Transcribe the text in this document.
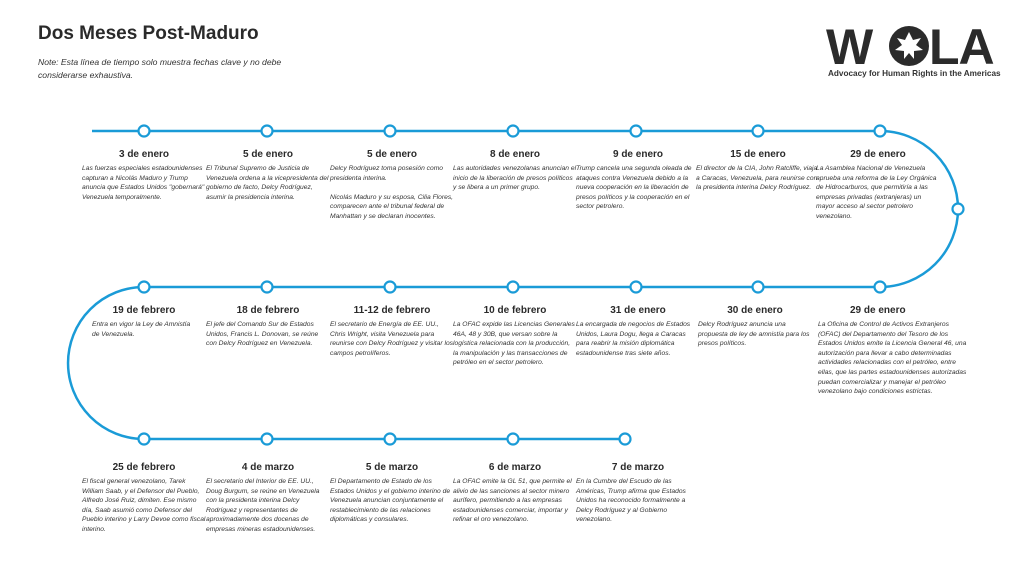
Dos Meses Post-Maduro
Note: Esta línea de tiempo solo muestra fechas clave y no debe considerarse exhaustiva.	W LA
Advocacy for Human Rights in the Americas
3 de enero
Las fuerzas especiales estadounidenses capturan a Nicolás Maduro y Trump anuncia que Estados Unidos "gobernará" Venezuela temporalmente.
5 de enero
El Tribunal Supremo de Justicia de Venezuela ordena a la vicepresidenta del gobierno de facto, Delcy Rodríguez, asumir la presidencia interina.
5 de enero
Delcy Rodríguez toma posesión como presidenta interina.

Nicolás Maduro y su esposa, Cilia Flores, comparecen ante el tribunal federal de Manhattan y se declaran inocentes.
8 de enero
Las autoridades venezolanas anuncian el inicio de la liberación de presos políticos y se libera a un primer grupo.
9 de enero
Trump cancela una segunda oleada de ataques contra Venezuela debido a la nueva cooperación en la liberación de presos políticos y la cooperación en el sector petrolero.
15 de enero
El director de la CIA, John Ratcliffe, viaja a Caracas, Venezuela, para reunirse con la presidenta interina Delcy Rodríguez.
29 de enero
La Asamblea Nacional de Venezuela aprueba una reforma de la Ley Orgánica de Hidrocarburos, que permitiría a las empresas privadas (extranjeras) un mayor acceso al sector petrolero venezolano.
29 de enero
La Oficina de Control de Activos Extranjeros (OFAC) del Departamento del Tesoro de los Estados Unidos emite la Licencia General 46, una autorización para llevar a cabo determinadas actividades relacionadas con el petróleo, entre ellas, que las partes estadounidenses autorizadas puedan comercializar y manejar el petróleo venezolano bajo condiciones estrictas.
30 de enero
Delcy Rodríguez anuncia una propuesta de ley de amnistía para los presos políticos.
31 de enero
La encargada de negocios de Estados Unidos, Laura Dogu, llega a Caracas para reabrir la misión diplomática estadounidense tras siete años.
10 de febrero
La OFAC expide las Licencias Generales 46A, 48 y 30B, que versan sobre la logística relacionada con la producción, la manipulación y las transacciones de petróleo en el sector petrolero.
11-12 de febrero
El secretario de Energía de EE. UU., Chris Wright, visita Venezuela para reunirse con Delcy Rodríguez y visitar los campos petrolíferos.
18 de febrero
El jefe del Comando Sur de Estados Unidos, Francis L. Donovan, se reúne con Delcy Rodríguez en Venezuela.
19 de febrero
Entra en vigor la Ley de Amnistía de Venezuela.
25 de febrero
El fiscal general venezolano, Tarek William Saab, y el Defensor del Pueblo, Alfredo José Ruiz, dimiten. Ese mismo día, Saab asumió como Defensor del Pueblo interino y Larry Devoe como fiscal interino.
4 de marzo
El secretario del Interior de EE. UU., Doug Burgum, se reúne en Venezuela con la presidenta interina Delcy Rodríguez y representantes de aproximadamente dos docenas de empresas mineras estadounidenses.
5 de marzo
El Departamento de Estado de los Estados Unidos y el gobierno interino de Venezuela anuncian conjuntamente el restablecimiento de las relaciones diplomáticas y consulares.
6 de marzo
La OFAC emite la GL 51, que permite el alivio de las sanciones al sector minero aurífero, permitiendo a las empresas estadounidenses comerciar, importar y refinar el oro venezolano.
7 de marzo
En la Cumbre del Escudo de las Américas, Trump afirma que Estados Unidos ha reconocido formalmente a Delcy Rodríguez y al Gobierno venezolano.
